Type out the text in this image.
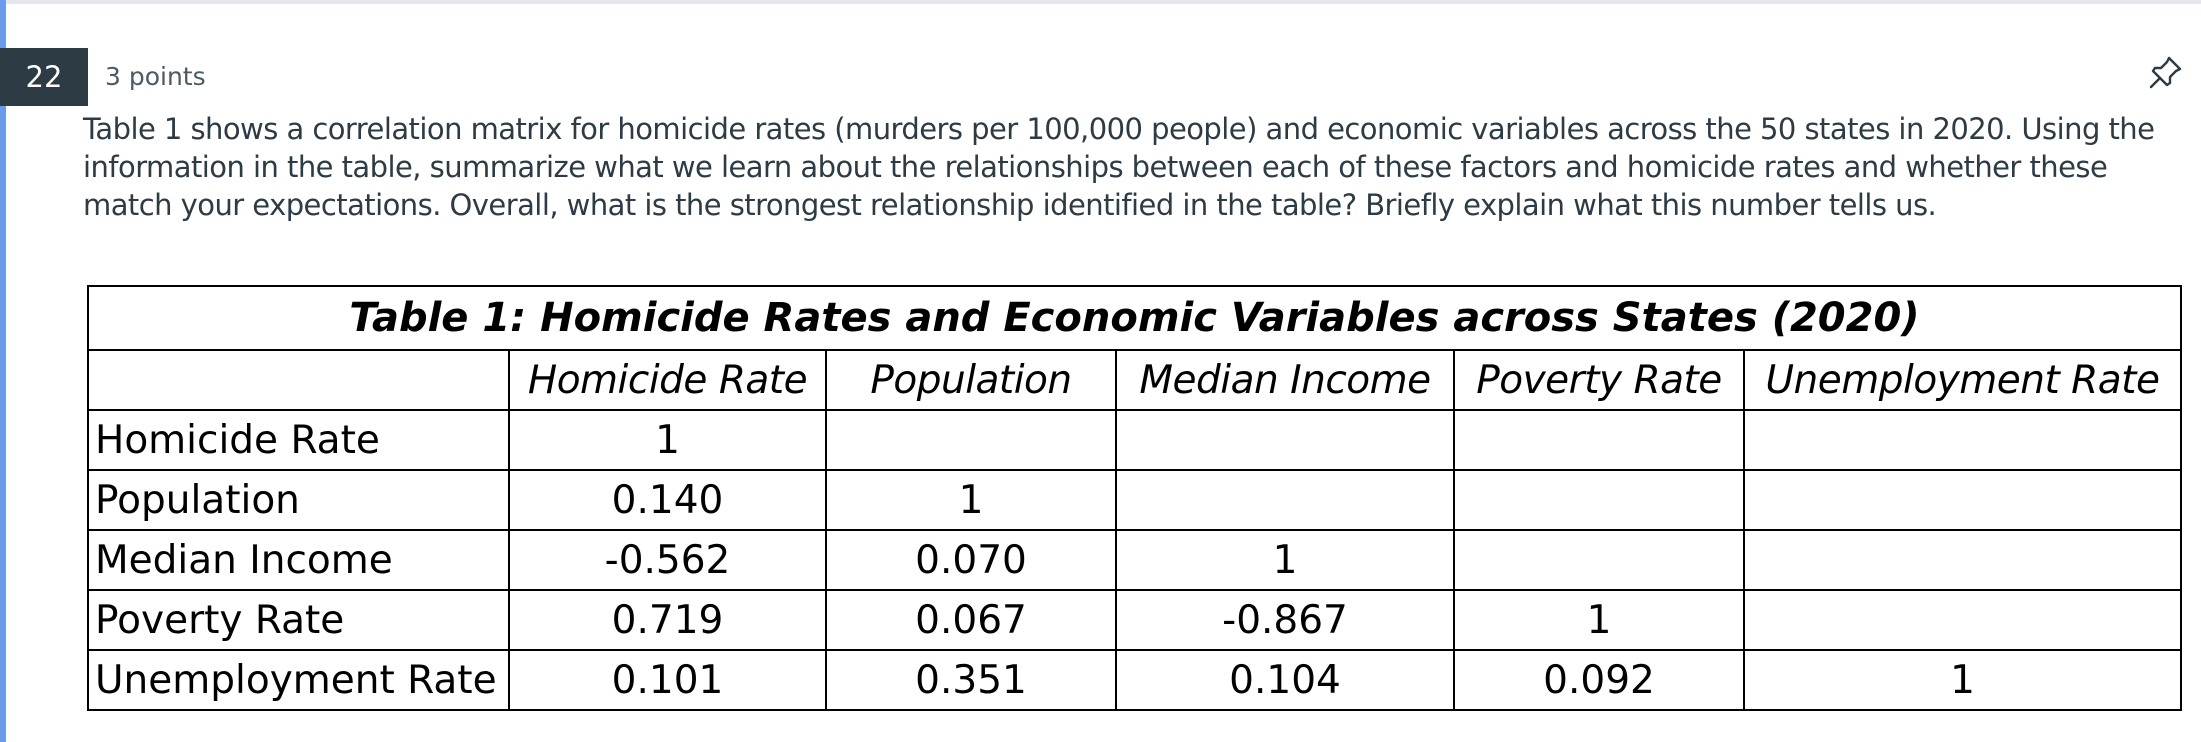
22	3 points
Table 1 shows a correlation matrix for homicide rates (murders per 100,000 people) and economic variables across the 50 states in 2020. Using the information in the table, summarize what we learn about the relationships between each of these factors and homicide rates and whether these match your expectations. Overall, what is the strongest relationship identified in the table? Briefly explain what this number tells us.
Table 1: Homicide Rates and Economic Variables across States (2020)					
	Homicide Rate	Population	Median Income	Poverty Rate	Unemployment Rate
Homicide Rate	1				
Population	0.140	1			
Median Income	-0.562	0.070	1		
Poverty Rate	0.719	0.067	-0.867	1	
Unemployment Rate	0.101	0.351	0.104	0.092	1
